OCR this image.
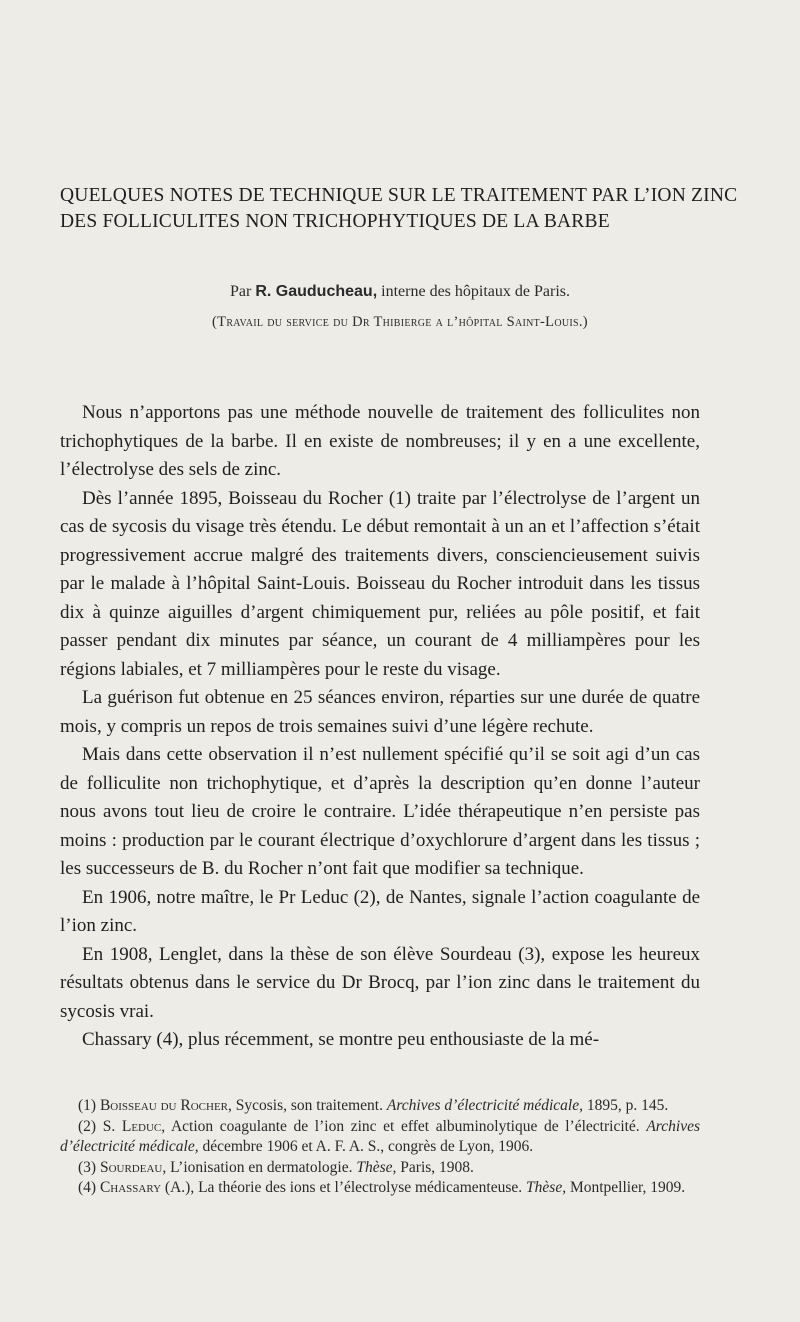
QUELQUES NOTES DE TECHNIQUE SUR LE TRAITEMENT PAR L’ION ZINC DES FOLLICULITES NON TRICHOPHYTIQUES DE LA BARBE
Par R. Gauducheau, interne des hôpitaux de Paris.
(Travail du service du Dr Thibierge a l’hôpital Saint-Louis.)

Nous n’apportons pas une méthode nouvelle de traitement des folliculites non trichophytiques de la barbe. Il en existe de nombreuses; il y en a une excellente, l’électrolyse des sels de zinc.

Dès l’année 1895, Boisseau du Rocher (1) traite par l’électrolyse de l’argent un cas de sycosis du visage très étendu. Le début remontait à un an et l’affection s’était progressivement accrue malgré des traitements divers, consciencieusement suivis par le malade à l’hôpital Saint-Louis. Boisseau du Rocher introduit dans les tissus dix à quinze aiguilles d’argent chimiquement pur, reliées au pôle positif, et fait passer pendant dix minutes par séance, un courant de 4 milliampères pour les régions labiales, et 7 milliampères pour le reste du visage.

La guérison fut obtenue en 25 séances environ, réparties sur une durée de quatre mois, y compris un repos de trois semaines suivi d’une légère rechute.

Mais dans cette observation il n’est nullement spécifié qu’il se soit agi d’un cas de folliculite non trichophytique, et d’après la description qu’en donne l’auteur nous avons tout lieu de croire le contraire. L’idée thérapeutique n’en persiste pas moins : production par le courant électrique d’oxychlorure d’argent dans les tissus ; les successeurs de B. du Rocher n’ont fait que modifier sa technique.

En 1906, notre maître, le Pr Leduc (2), de Nantes, signale l’action coagulante de l’ion zinc.

En 1908, Lenglet, dans la thèse de son élève Sourdeau (3), expose les heureux résultats obtenus dans le service du Dr Brocq, par l’ion zinc dans le traitement du sycosis vrai.

Chassary (4), plus récemment, se montre peu enthousiaste de la mé-

(1) Boisseau du Rocher, Sycosis, son traitement. Archives d’électricité médicale, 1895, p. 145.

(2) S. Leduc, Action coagulante de l’ion zinc et effet albuminolytique de l’électricité. Archives d’électricité médicale, décembre 1906 et A. F. A. S., congrès de Lyon, 1906.

(3) Sourdeau, L’ionisation en dermatologie. Thèse, Paris, 1908.

(4) Chassary (A.), La théorie des ions et l’électrolyse médicamenteuse. Thèse, Montpellier, 1909.
